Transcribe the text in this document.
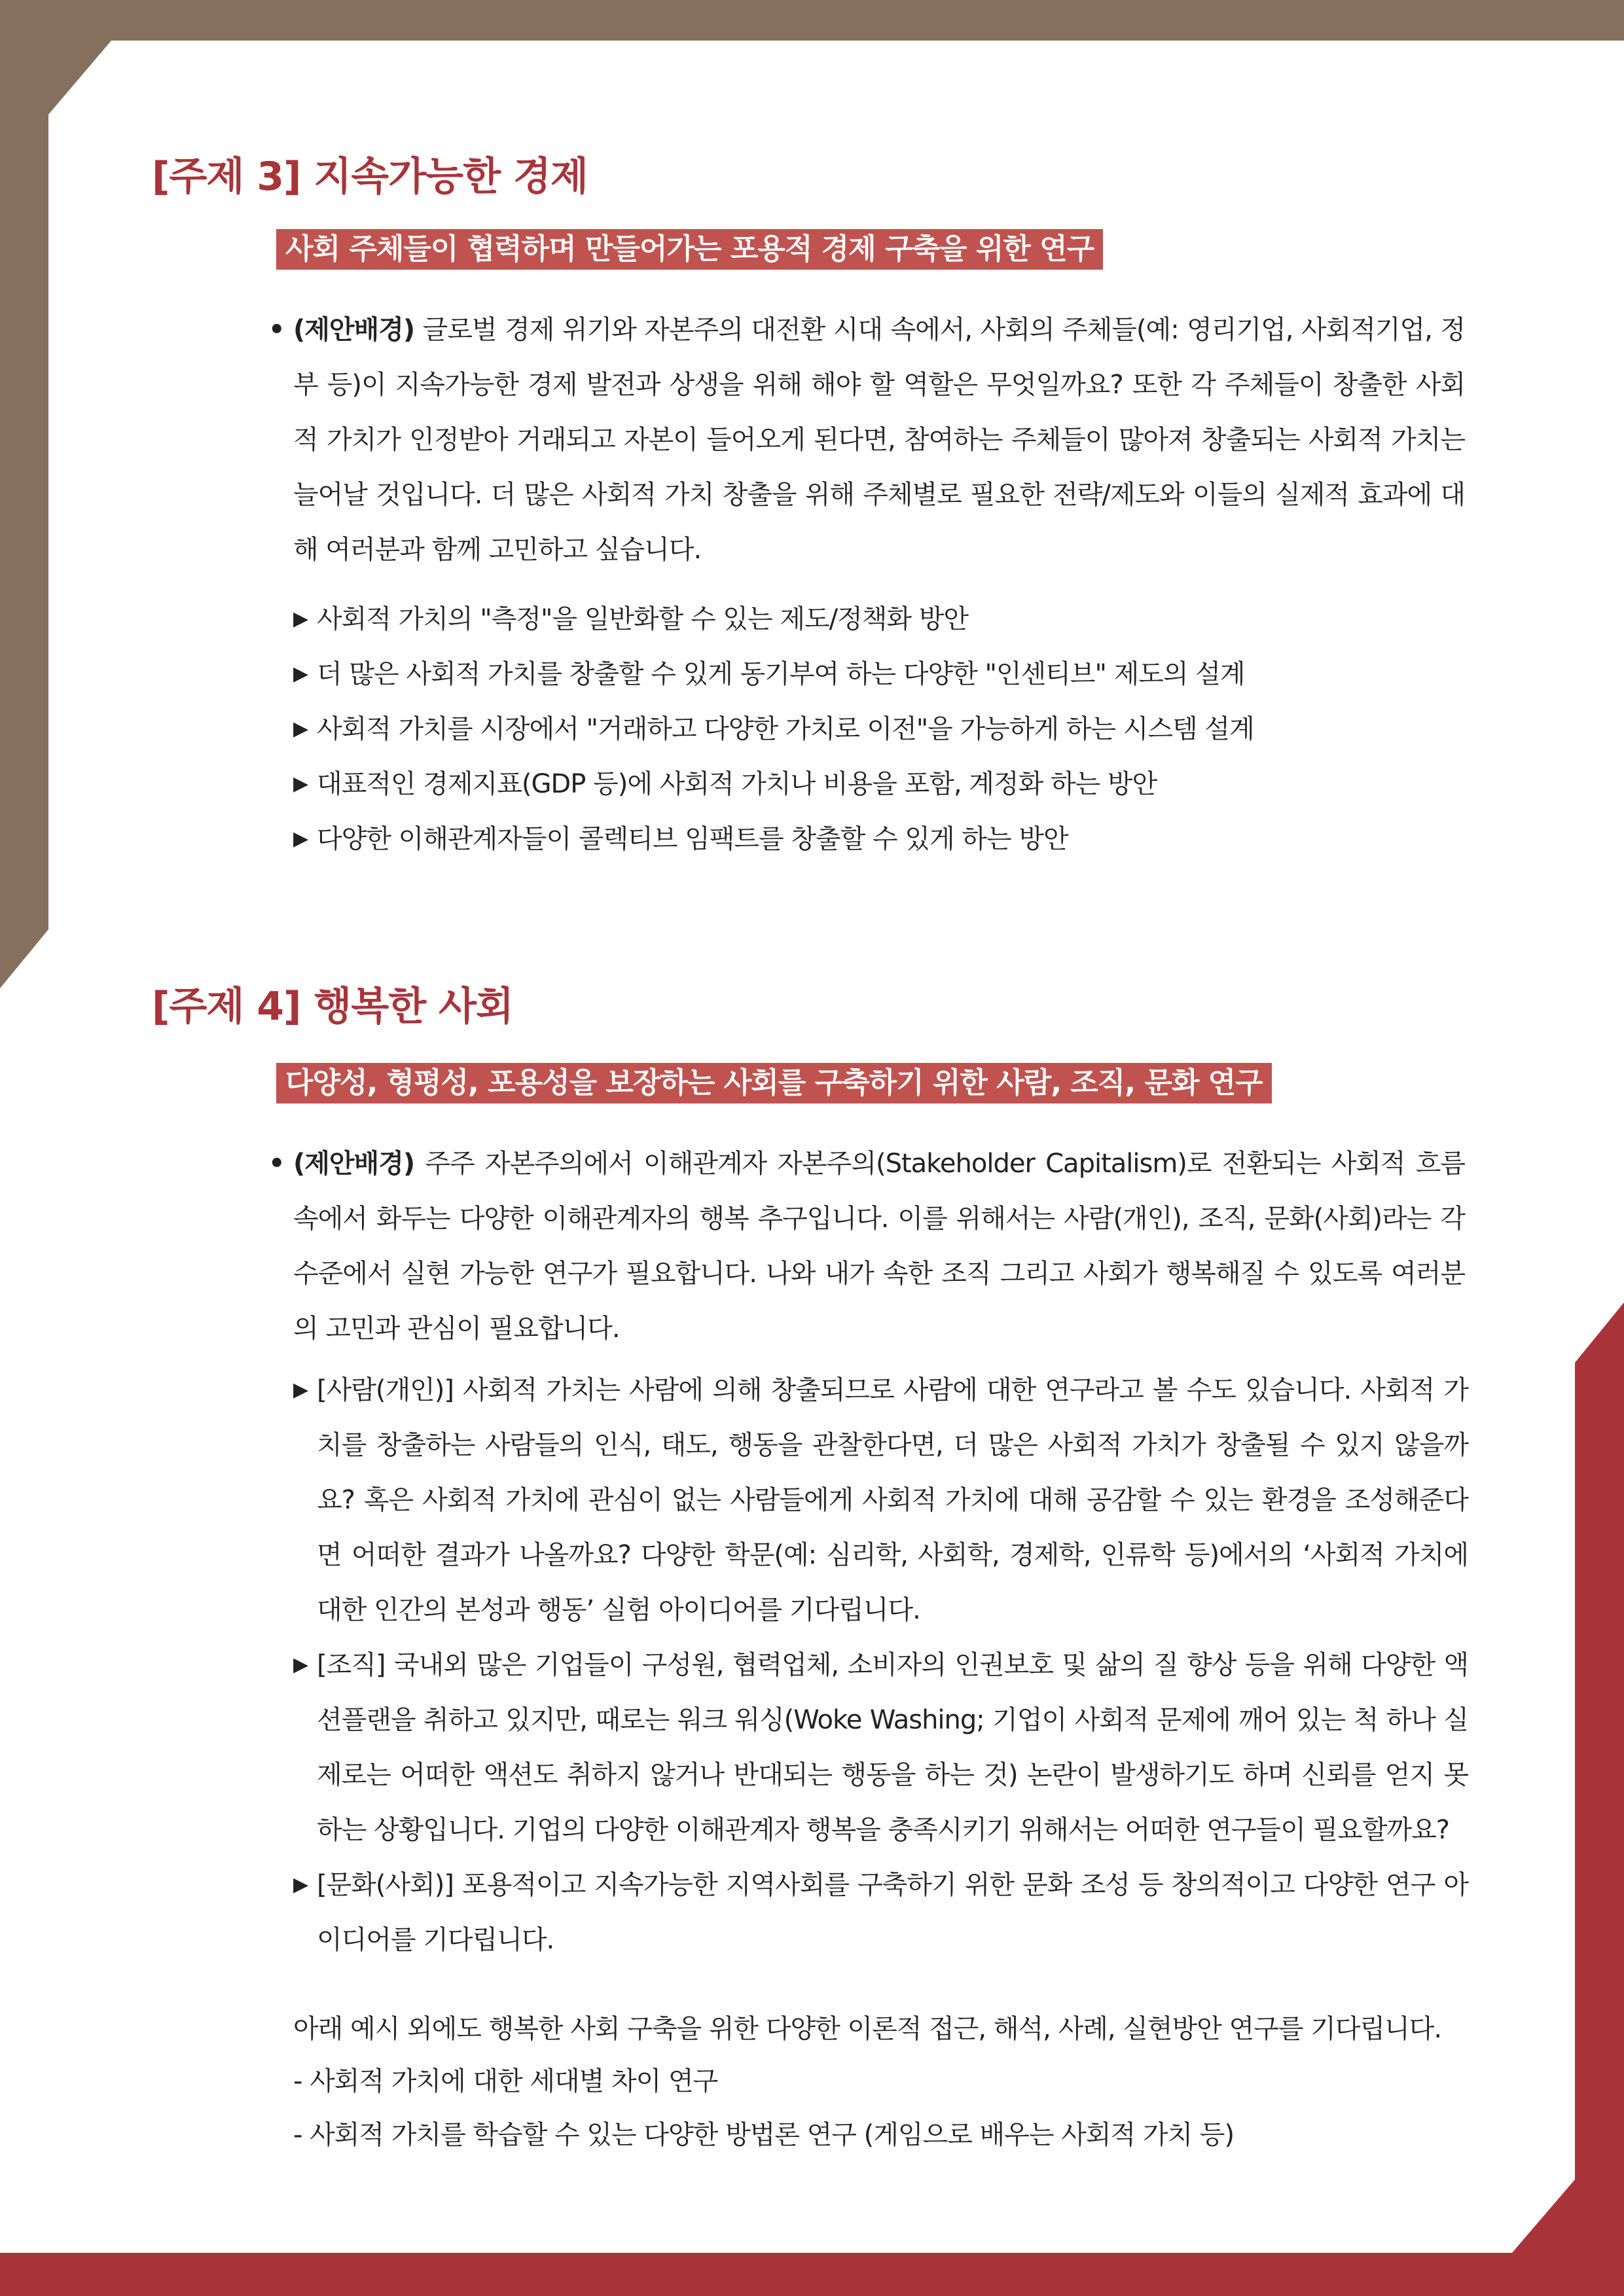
[주제 3] 지속가능한 경제
사회 주체들이 협력하며 만들어가는 포용적 경제 구축을 위한 연구

• (제안배경) 글로벌 경제 위기와 자본주의 대전환 시대 속에서, 사회의 주체들(예: 영리기업, 사회적기업, 정부 등)이 지속가능한 경제 발전과 상생을 위해 해야 할 역할은 무엇일까요? 또한 각 주체들이 창출한 사회적 가치가 인정받아 거래되고 자본이 들어오게 된다면, 참여하는 주체들이 많아져 창출되는 사회적 가치는 늘어날 것입니다. 더 많은 사회적 가치 창출을 위해 주체별로 필요한 전략/제도와 이들의 실제적 효과에 대해 여러분과 함께 고민하고 싶습니다.

▶ 사회적 가치의 "측정"을 일반화할 수 있는 제도/정책화 방안
▶ 더 많은 사회적 가치를 창출할 수 있게 동기부여 하는 다양한 "인센티브" 제도의 설계
▶ 사회적 가치를 시장에서 "거래하고 다양한 가치로 이전"을 가능하게 하는 시스템 설계
▶ 대표적인 경제지표(GDP 등)에 사회적 가치나 비용을 포함, 계정화 하는 방안
▶ 다양한 이해관계자들이 콜렉티브 임팩트를 창출할 수 있게 하는 방안
[주제 4] 행복한 사회
다양성, 형평성, 포용성을 보장하는 사회를 구축하기 위한 사람, 조직, 문화 연구

• (제안배경) 주주 자본주의에서 이해관계자 자본주의(Stakeholder Capitalism)로 전환되는 사회적 흐름 속에서 화두는 다양한 이해관계자의 행복 추구입니다. 이를 위해서는 사람(개인), 조직, 문화(사회)라는 각 수준에서 실현 가능한 연구가 필요합니다. 나와 내가 속한 조직 그리고 사회가 행복해질 수 있도록 여러분의 고민과 관심이 필요합니다.

▶ [사람(개인)] 사회적 가치는 사람에 의해 창출되므로 사람에 대한 연구라고 볼 수도 있습니다. 사회적 가치를 창출하는 사람들의 인식, 태도, 행동을 관찰한다면, 더 많은 사회적 가치가 창출될 수 있지 않을까요? 혹은 사회적 가치에 관심이 없는 사람들에게 사회적 가치에 대해 공감할 수 있는 환경을 조성해준다면 어떠한 결과가 나올까요? 다양한 학문(예: 심리학, 사회학, 경제학, 인류학 등)에서의 ‘사회적 가치에 대한 인간의 본성과 행동’ 실험 아이디어를 기다립니다.
▶ [조직] 국내외 많은 기업들이 구성원, 협력업체, 소비자의 인권보호 및 삶의 질 향상 등을 위해 다양한 액션플랜을 취하고 있지만, 때로는 워크 워싱(Woke Washing; 기업이 사회적 문제에 깨어 있는 척 하나 실제로는 어떠한 액션도 취하지 않거나 반대되는 행동을 하는 것) 논란이 발생하기도 하며 신뢰를 얻지 못하는 상황입니다. 기업의 다양한 이해관계자 행복을 충족시키기 위해서는 어떠한 연구들이 필요할까요?
▶ [문화(사회)] 포용적이고 지속가능한 지역사회를 구축하기 위한 문화 조성 등 창의적이고 다양한 연구 아이디어를 기다립니다.

아래 예시 외에도 행복한 사회 구축을 위한 다양한 이론적 접근, 해석, 사례, 실현방안 연구를 기다립니다.

- 사회적 가치에 대한 세대별 차이 연구

- 사회적 가치를 학습할 수 있는 다양한 방법론 연구 (게임으로 배우는 사회적 가치 등)
